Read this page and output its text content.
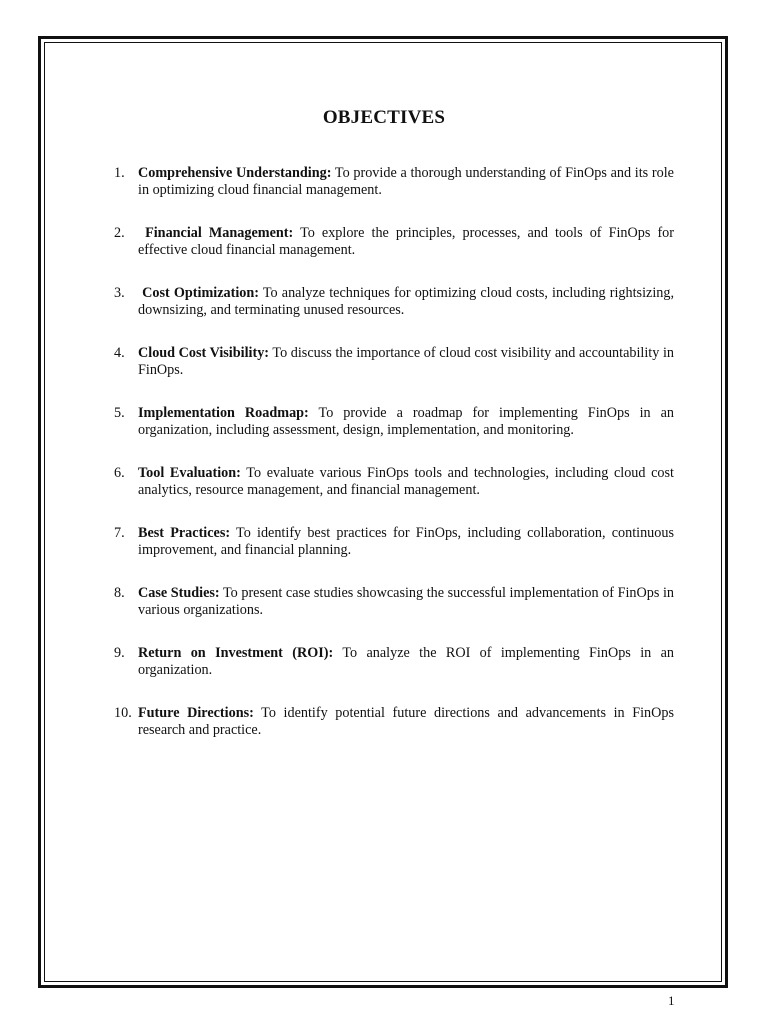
OBJECTIVES
1. Comprehensive Understanding: To provide a thorough understanding of FinOps and its role in optimizing cloud financial management.
2.	Financial Management: To explore the principles, processes, and tools of FinOps for effective cloud financial management.
3. Cost Optimization: To analyze techniques for optimizing cloud costs, including rightsizing, downsizing, and terminating unused resources.
4. Cloud Cost Visibility: To discuss the importance of cloud cost visibility and accountability in FinOps.
5. Implementation Roadmap: To provide a roadmap for implementing FinOps in an organization, including assessment, design, implementation, and monitoring.
6. Tool Evaluation: To evaluate various FinOps tools and technologies, including cloud cost analytics, resource management, and financial management.
7. Best Practices: To identify best practices for FinOps, including collaboration, continuous improvement, and financial planning.
8. Case Studies: To present case studies showcasing the successful implementation of FinOps in various organizations.
9. Return on Investment (ROI): To analyze the ROI of implementing FinOps in an organization.
10. Future Directions: To identify potential future directions and advancements in FinOps research and practice.
1
